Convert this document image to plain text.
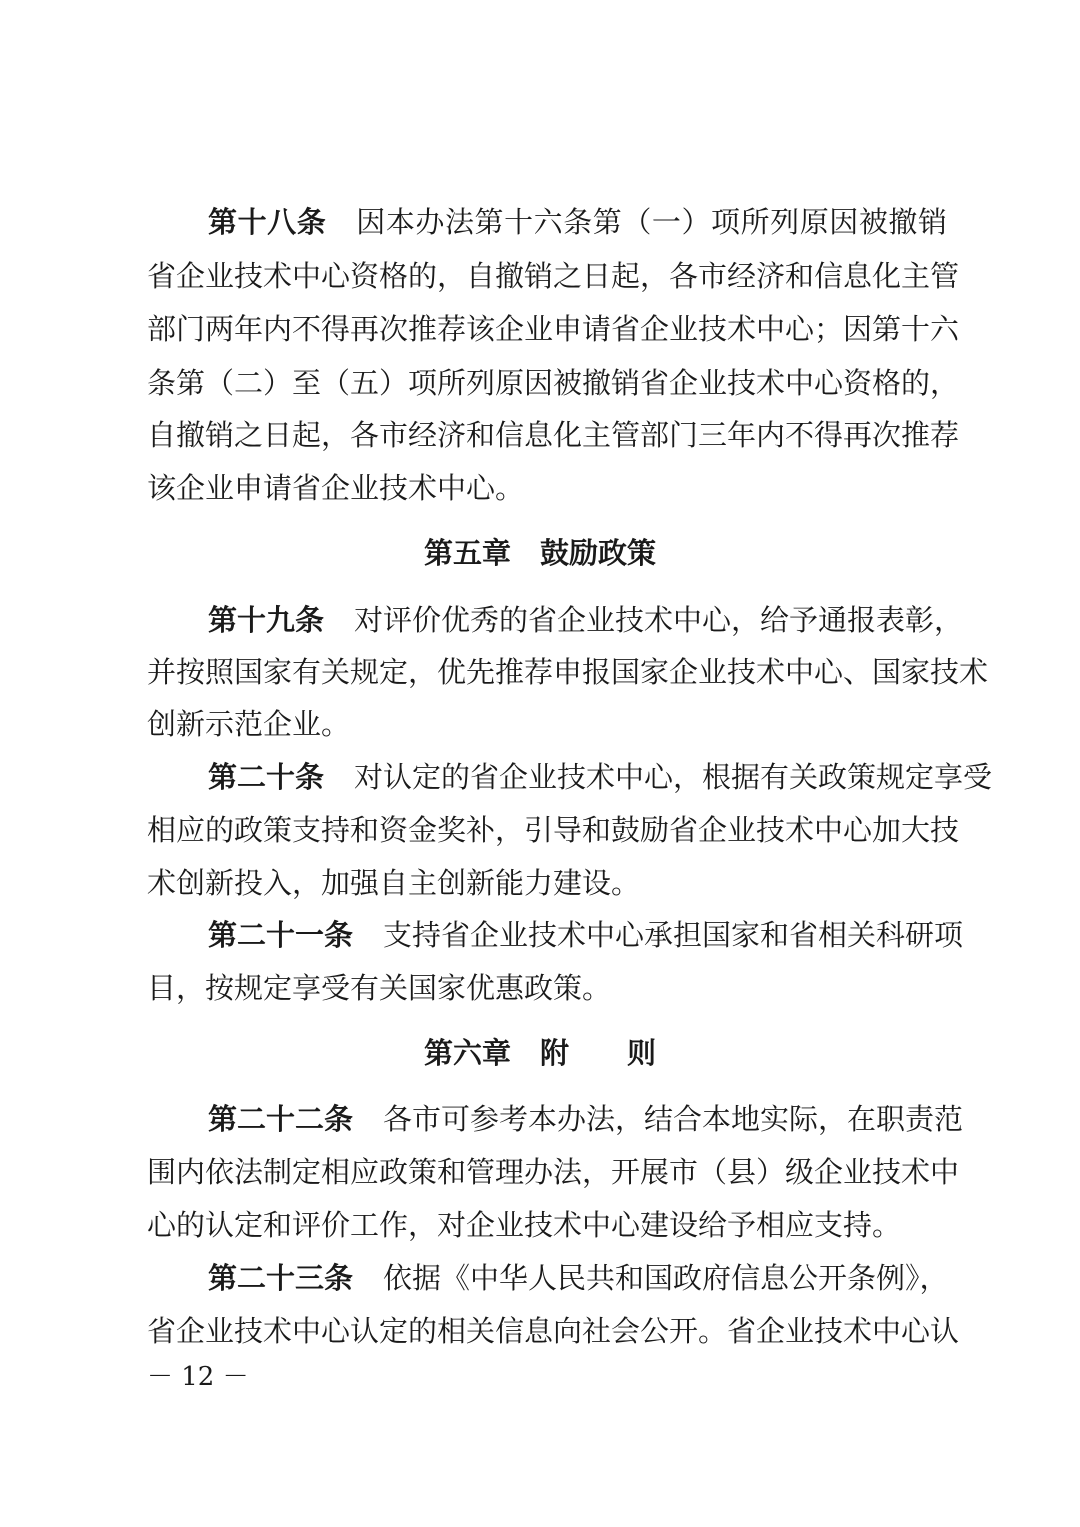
第十八条 因本办法第十六条第（一）项所列原因被撤销
省企业技术中心资格的，自撤销之日起，各市经济和信息化主管
部门两年内不得再次推荐该企业申请省企业技术中心；因第十六
条第（二）至（五）项所列原因被撤销省企业技术中心资格的，
自撤销之日起，各市经济和信息化主管部门三年内不得再次推荐
该企业申请省企业技术中心。
第五章　鼓励政策
第十九条 对评价优秀的省企业技术中心，给予通报表彰，
并按照国家有关规定，优先推荐申报国家企业技术中心、国家技术
创新示范企业。
第二十条 对认定的省企业技术中心，根据有关政策规定享受
相应的政策支持和资金奖补，引导和鼓励省企业技术中心加大技
术创新投入，加强自主创新能力建设。
第二十一条 支持省企业技术中心承担国家和省相关科研项
目，按规定享受有关国家优惠政策。
第六章　附　　则
第二十二条 各市可参考本办法，结合本地实际，在职责范
围内依法制定相应政策和管理办法，开展市（县）级企业技术中
心的认定和评价工作，对企业技术中心建设给予相应支持。
第二十三条 依据《中华人民共和国政府信息公开条例》，
省企业技术中心认定的相关信息向社会公开。省企业技术中心认
－ 12 －
